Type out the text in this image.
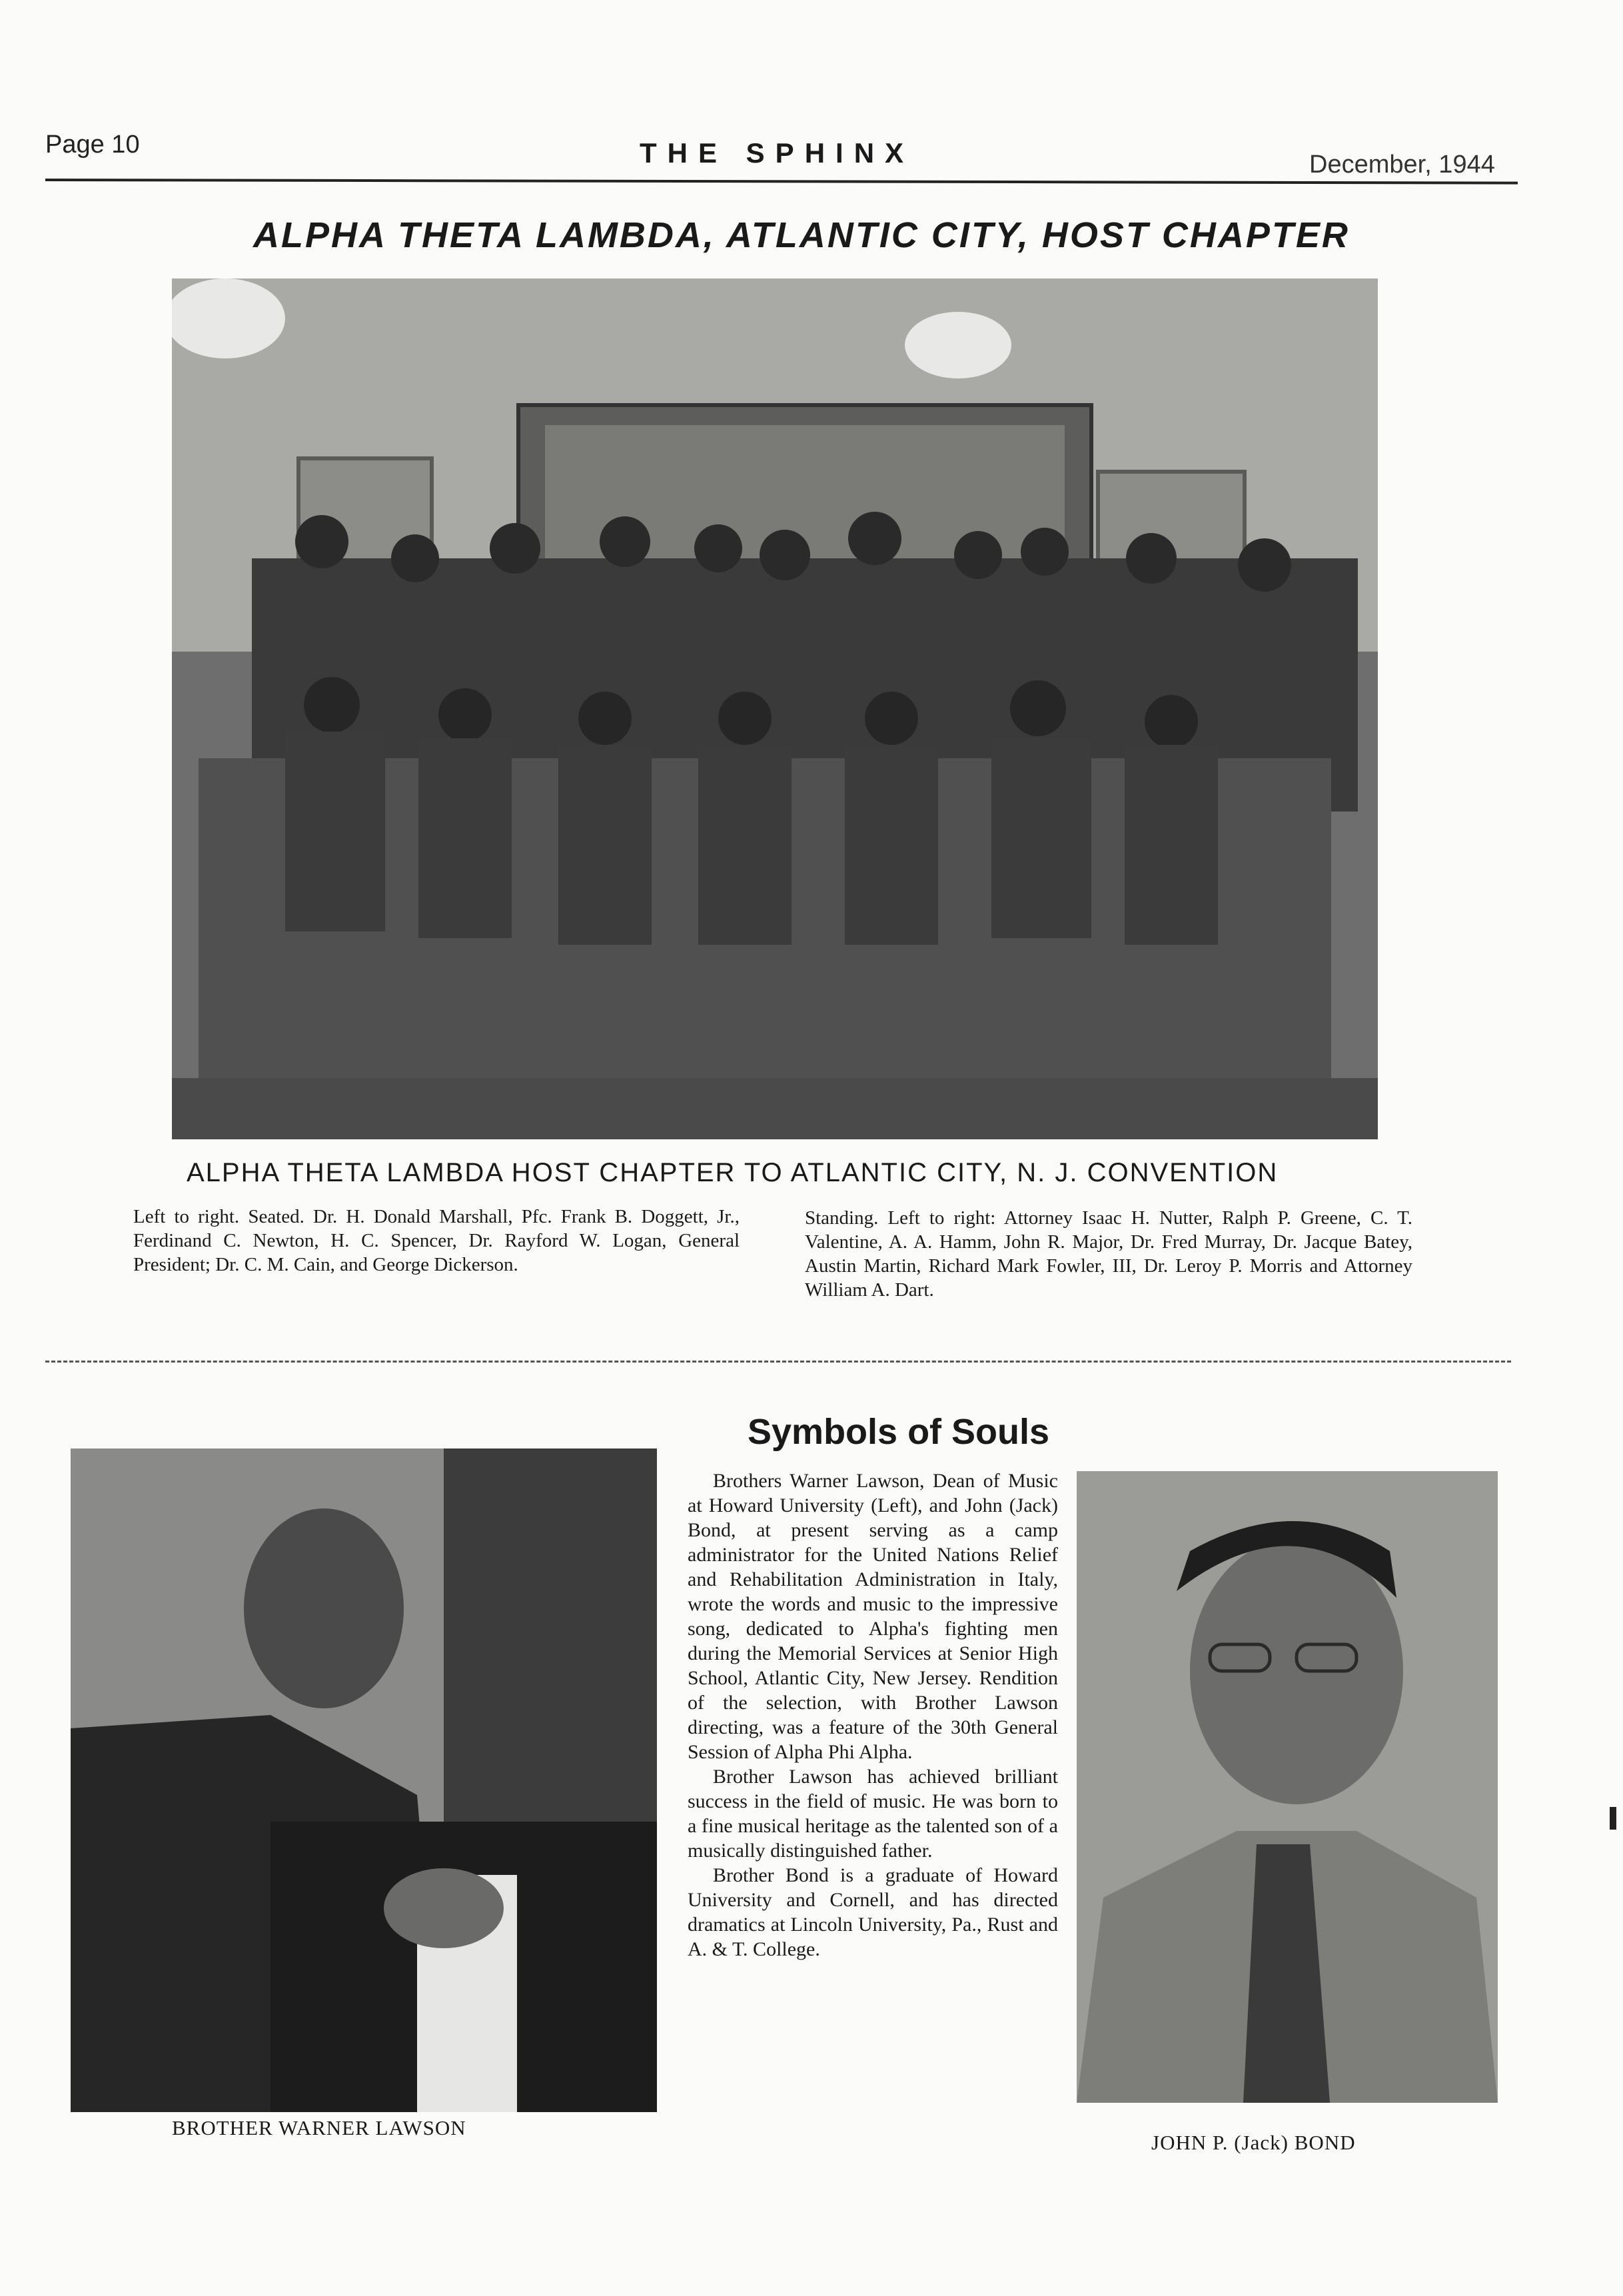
Page 10	THE SPHINX	December, 1944
ALPHA THETA LAMBDA, ATLANTIC CITY, HOST CHAPTER
ALPHA THETA LAMBDA HOST CHAPTER TO ATLANTIC CITY, N. J. CONVENTION
Left to right. Seated. Dr. H. Donald Marshall, Pfc. Frank B. Doggett, Jr., Ferdinand C. Newton, H. C. Spencer, Dr. Rayford W. Logan, General President; Dr. C. M. Cain, and George Dickerson.
Standing. Left to right: Attorney Isaac H. Nutter, Ralph P. Greene, C. T. Valentine, A. A. Hamm, John R. Major, Dr. Fred Murray, Dr. Jacque Batey, Austin Martin, Richard Mark Fowler, III, Dr. Leroy P. Morris and Attorney William A. Dart.
Symbols of Souls
BROTHER WARNER LAWSON

Brothers Warner Lawson, Dean of Music at Howard University (Left), and John (Jack) Bond, at present serving as a camp administrator for the United Nations Relief and Rehabilitation Administration in Italy, wrote the words and music to the impressive song, dedicated to Alpha's fighting men during the Memorial Services at Senior High School, Atlantic City, New Jersey. Rendition of the selection, with Brother Lawson directing, was a feature of the 30th General Session of Alpha Phi Alpha.

Brother Lawson has achieved brilliant success in the field of music. He was born to a fine musical heritage as the talented son of a musically distinguished father.

Brother Bond is a graduate of Howard University and Cornell, and has directed dramatics at Lincoln University, Pa., Rust and A. & T. College.

JOHN P. (Jack) BOND
